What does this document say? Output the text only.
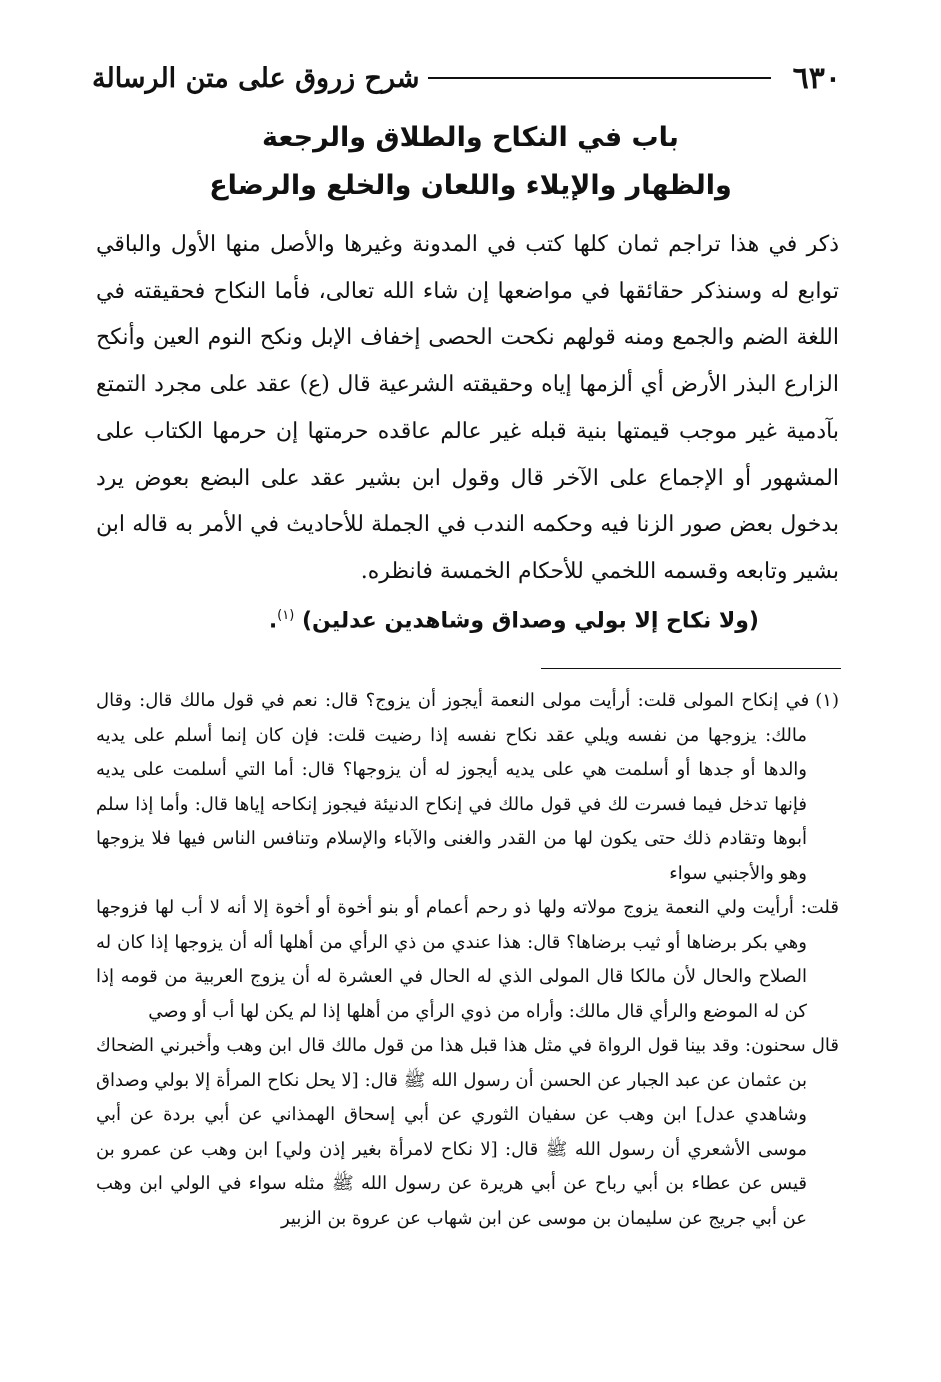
٦٣٠
شرح زروق على متن الرسالة
باب في النكاح والطلاق والرجعة
والظهار والإيلاء واللعان والخلع والرضاع

ذكر في هذا تراجم ثمان كلها كتب في المدونة وغيرها والأصل منها الأول والباقي توابع له وسنذكر حقائقها في مواضعها إن شاء الله تعالى، فأما النكاح فحقيقته في اللغة الضم والجمع ومنه قولهم نكحت الحصى إخفاف الإبل ونكح النوم العين وأنكح الزارع البذر الأرض أي ألزمها إياه وحقيقته الشرعية قال (ع) عقد على مجرد التمتع بآدمية غير موجب قيمتها بنية قبله غير عالم عاقده حرمتها إن حرمها الكتاب على المشهور أو الإجماع على الآخر قال وقول ابن بشير عقد على البضع بعوض يرد بدخول بعض صور الزنا فيه وحكمه الندب في الجملة للأحاديث في الأمر به قاله ابن بشير وتابعه وقسمه اللخمي للأحكام الخمسة فانظره.

(ولا نكاح إلا بولي وصداق وشاهدين عدلين) $^{(١)}$.

(١)في إنكاح المولى قلت: أرأيت مولى النعمة أيجوز أن يزوج؟ قال: نعم في قول مالك قال: وقال مالك: يزوجها من نفسه ويلي عقد نكاح نفسه إذا رضيت قلت: فإن كان إنما أسلم على يديه والدها أو جدها أو أسلمت هي على يديه أيجوز له أن يزوجها؟ قال: أما التي أسلمت على يديه فإنها تدخل فيما فسرت لك في قول مالك في إنكاح الدنيئة فيجوز إنكاحه إياها قال: وأما إذا سلم أبوها وتقادم ذلك حتى يكون لها من القدر والغنى والآباء والإسلام وتنافس الناس فيها فلا يزوجها وهو والأجنبي سواء

قلت: أرأيت ولي النعمة يزوج مولاته ولها ذو رحم أعمام أو بنو أخوة أو أخوة إلا أنه لا أب لها فزوجها وهي بكر برضاها أو ثيب برضاها؟ قال: هذا عندي من ذي الرأي من أهلها أله أن يزوجها إذا كان له الصلاح والحال لأن مالكا قال المولى الذي له الحال في العشرة له أن يزوج العربية من قومه إذا كن له الموضع والرأي قال مالك: وأراه من ذوي الرأي من أهلها إذا لم يكن لها أب أو وصي

قال سحنون: وقد بينا قول الرواة في مثل هذا قبل هذا من قول مالك قال ابن وهب وأخبرني الضحاك بن عثمان عن عبد الجبار عن الحسن أن رسول الله ﷺ قال: [لا يحل نكاح المرأة إلا بولي وصداق وشاهدي عدل] ابن وهب عن سفيان الثوري عن أبي إسحاق الهمذاني عن أبي بردة عن أبي موسى الأشعري أن رسول الله ﷺ قال: [لا نكاح لامرأة بغير إذن ولي] ابن وهب عن عمرو بن قيس عن عطاء بن أبي رباح عن أبي هريرة عن رسول الله ﷺ مثله سواء في الولي ابن وهب عن أبي جريج عن سليمان بن موسى عن ابن شهاب عن عروة بن الزبير
